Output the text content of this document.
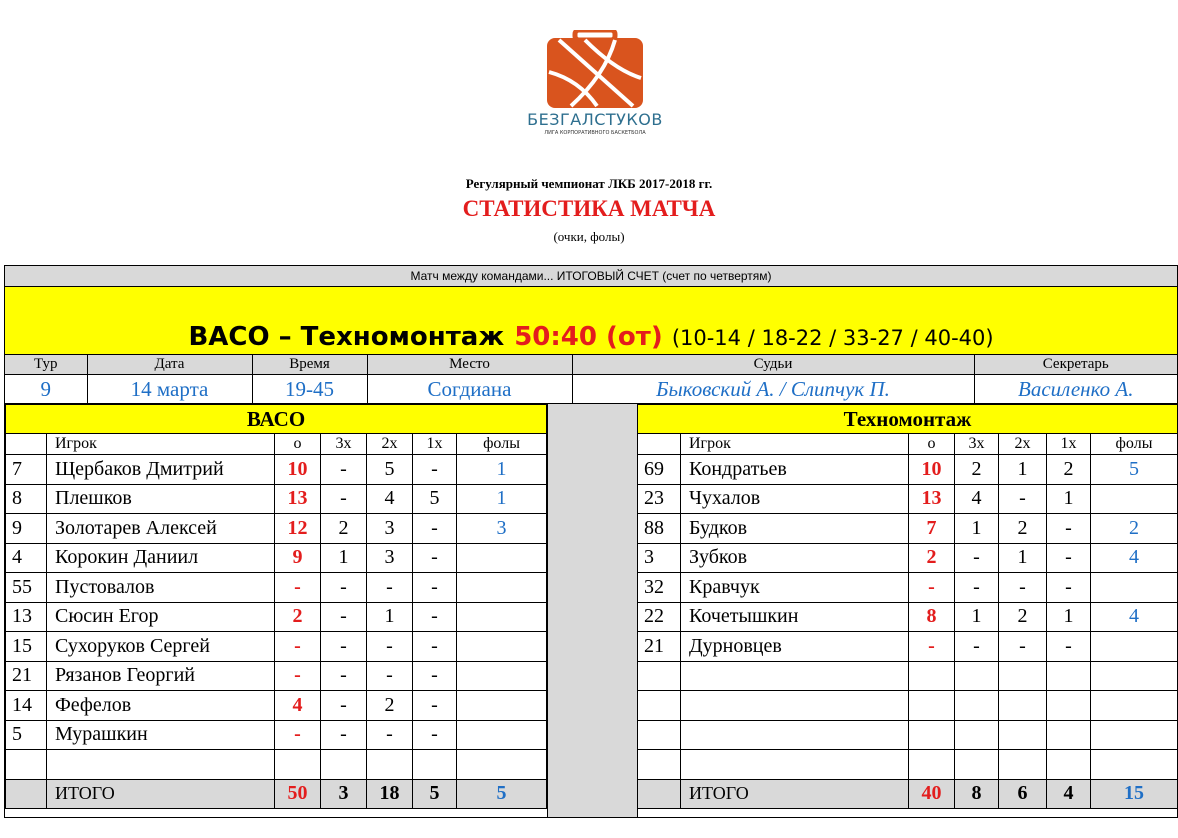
БЕЗГАЛСТУКОВ
ЛИГА КОРПОРАТИВНОГО БАСКЕТБОЛА
Регулярный чемпионат ЛКБ 2017-2018 гг.
СТАТИСТИКА МАТЧА
(очки, фолы)
Матч между командами... ИТОГОВЫЙ СЧЕТ (счет по четвертям)
ВАСО – Техномонтаж 50:40 (от) (10-14 / 18-22 / 33-27 / 40-40)
Тур	Дата	Время	Место	Судьи	Секретарь
9	14 марта	19-45	Согдиана	Быковский А. / Слипчук П.	Василенко А.
ВАСО						
	Игрок	о	3х	2х	1х	фолы
7	Щербаков Дмитрий	10	-	5	-	1
8	Плешков	13	-	4	5	1
9	Золотарев Алексей	12	2	3	-	3
4	Корокин Даниил	9	1	3	-	
55	Пустовалов	-	-	-	-	
13	Сюсин Егор	2	-	1	-	
15	Сухоруков Сергей	-	-	-	-	
21	Рязанов Георгий	-	-	-	-	
14	Фефелов	4	-	2	-	
5	Мурашкин	-	-	-	-	

	ИТОГО	50	3	18	5	5
Техномонтаж						
	Игрок	о	3х	2х	1х	фолы
69	Кондратьев	10	2	1	2	5
23	Чухалов	13	4	-	1	
88	Будков	7	1	2	-	2
3	Зубков	2	-	1	-	4
32	Кравчук	-	-	-	-	
22	Кочетышкин	8	1	2	1	4
21	Дурновцев	-	-	-	-	

	ИТОГО	40	8	6	4	15
